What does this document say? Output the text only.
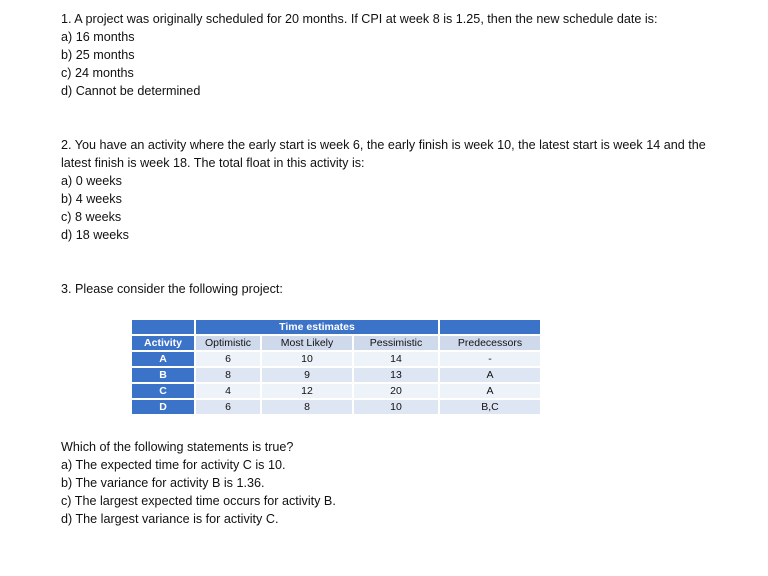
1. A project was originally scheduled for 20 months. If CPI at week 8 is 1.25, then the new schedule date is:

a) 16 months

b) 25 months

c) 24 months

d) Cannot be determined

2. You have an activity where the early start is week 6, the early finish is week 10, the latest start is week 14 and the latest finish is week 18. The total float in this activity is:

a) 0 weeks

b) 4 weeks

c) 8 weeks

d) 18 weeks

3. Please consider the following project:

	Time estimates			
Activity	Optimistic	Most Likely	Pessimistic	Predecessors
A	6	10	14	-
B	8	9	13	A
C	4	12	20	A
D	6	8	10	B,C

Which of the following statements is true?

a) The expected time for activity C is 10.

b) The variance for activity B is 1.36.

c) The largest expected time occurs for activity B.

d) The largest variance is for activity C.
